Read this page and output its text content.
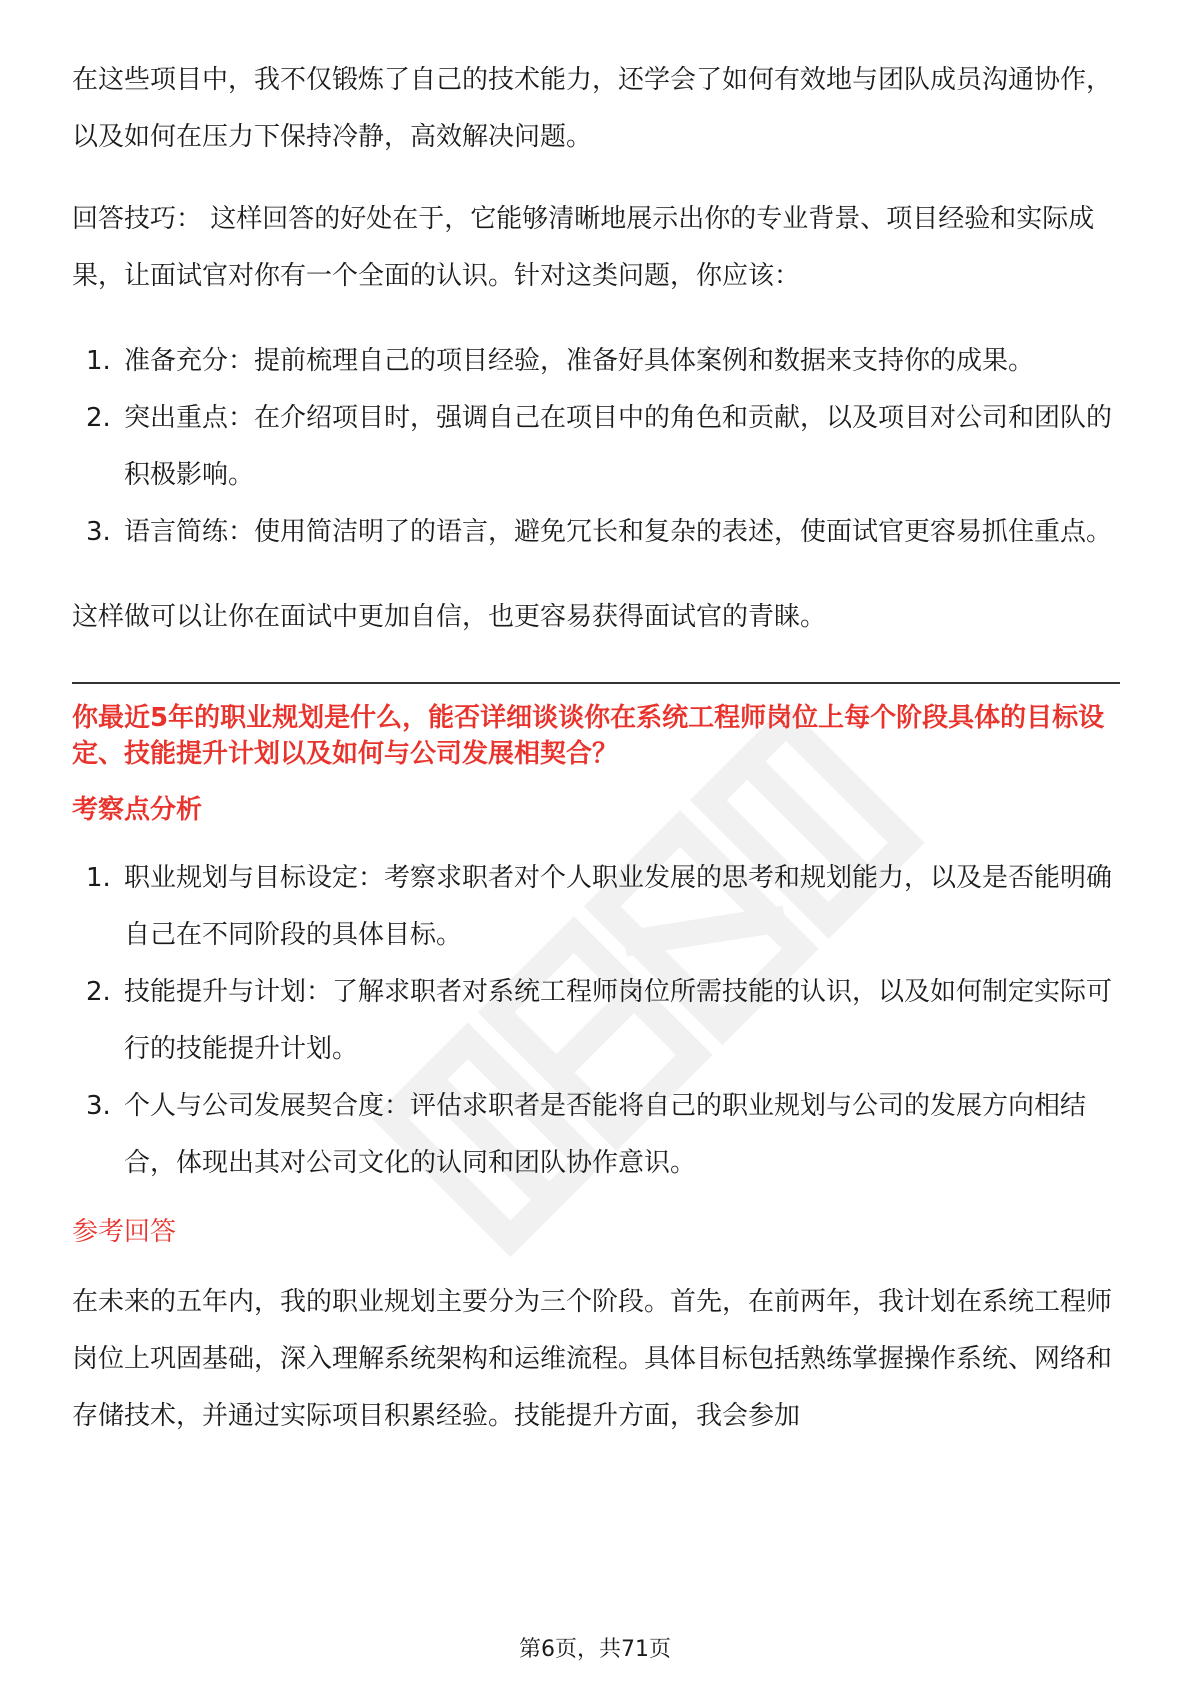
在这些项目中，我不仅锻炼了自己的技术能力，还学会了如何有效地与团队成员沟通协作，以及如何在压力下保持冷静，高效解决问题。

回答技巧： 这样回答的好处在于，它能够清晰地展示出你的专业背景、项目经验和实际成果，让面试官对你有一个全面的认识。针对这类问题，你应该：

1. 准备充分：提前梳理自己的项目经验，准备好具体案例和数据来支持你的成果。
2. 突出重点：在介绍项目时，强调自己在项目中的角色和贡献，以及项目对公司和团队的积极影响。
3. 语言简练：使用简洁明了的语言，避免冗长和复杂的表述，使面试官更容易抓住重点。

这样做可以让你在面试中更加自信，也更容易获得面试官的青睐。

你最近5年的职业规划是什么，能否详细谈谈你在系统工程师岗位上每个阶段具体的目标设定、技能提升计划以及如何与公司发展相契合？

考察点分析

1. 职业规划与目标设定：考察求职者对个人职业发展的思考和规划能力，以及是否能明确自己在不同阶段的具体目标。
2. 技能提升与计划：了解求职者对系统工程师岗位所需技能的认识，以及如何制定实际可行的技能提升计划。
3. 个人与公司发展契合度：评估求职者是否能将自己的职业规划与公司的发展方向相结合，体现出其对公司文化的认同和团队协作意识。

参考回答

在未来的五年内，我的职业规划主要分为三个阶段。首先，在前两年，我计划在系统工程师岗位上巩固基础，深入理解系统架构和运维流程。具体目标包括熟练掌握操作系统、网络和存储技术，并通过实际项目积累经验。技能提升方面，我会参加

第6页，共71页
